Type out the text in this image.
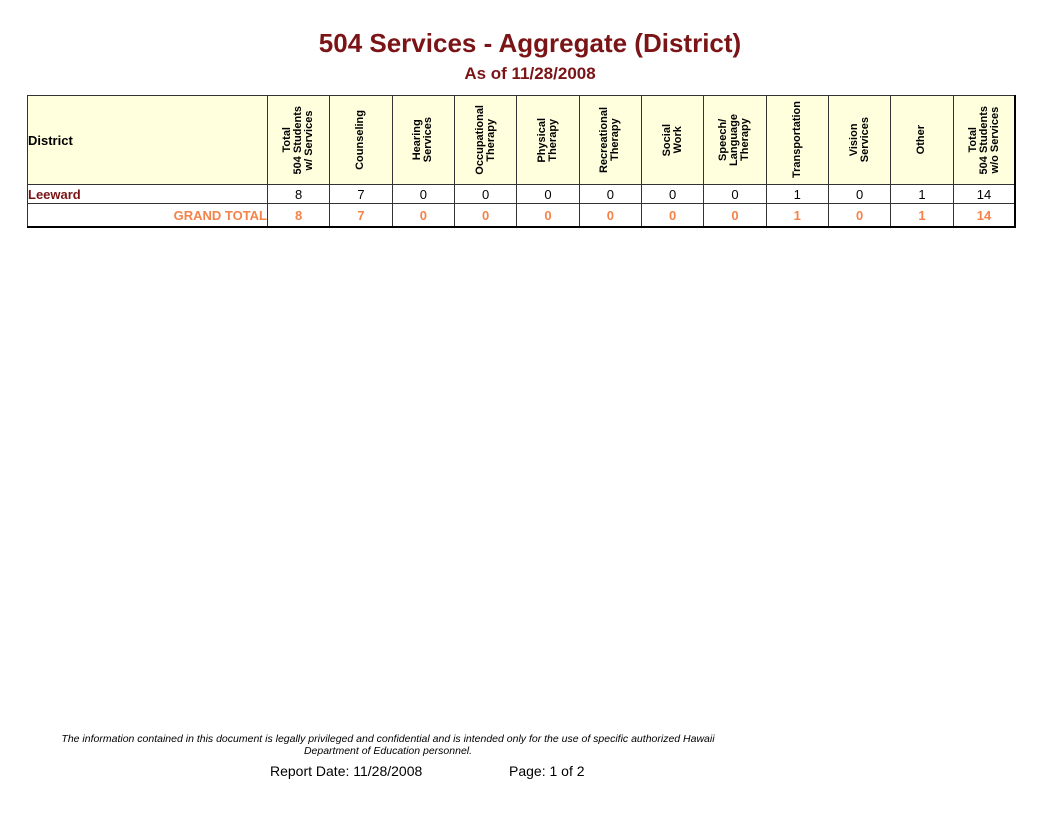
504 Services - Aggregate (District)
As of 11/28/2008
District	Total
504 Students
w/ Services	Counseling	Hearing
Services	Occupational
Therapy	Physical
Therapy	Recreational
Therapy	Social
Work	Speech/
Language
Therapy	Transportation	Vision
Services	Other	Total
504 Students
w/o Services

Leeward	8	7	0	0	0	0	0	0	1	0	1	14
GRAND TOTAL	8	7	0	0	0	0	0	0	1	0	1	14
The information contained in this document is legally privileged and confidential and is intended only for the use of specific authorized Hawaii
Department of Education personnel.
Report Date: 11/28/2008	Page: 1 of 2
